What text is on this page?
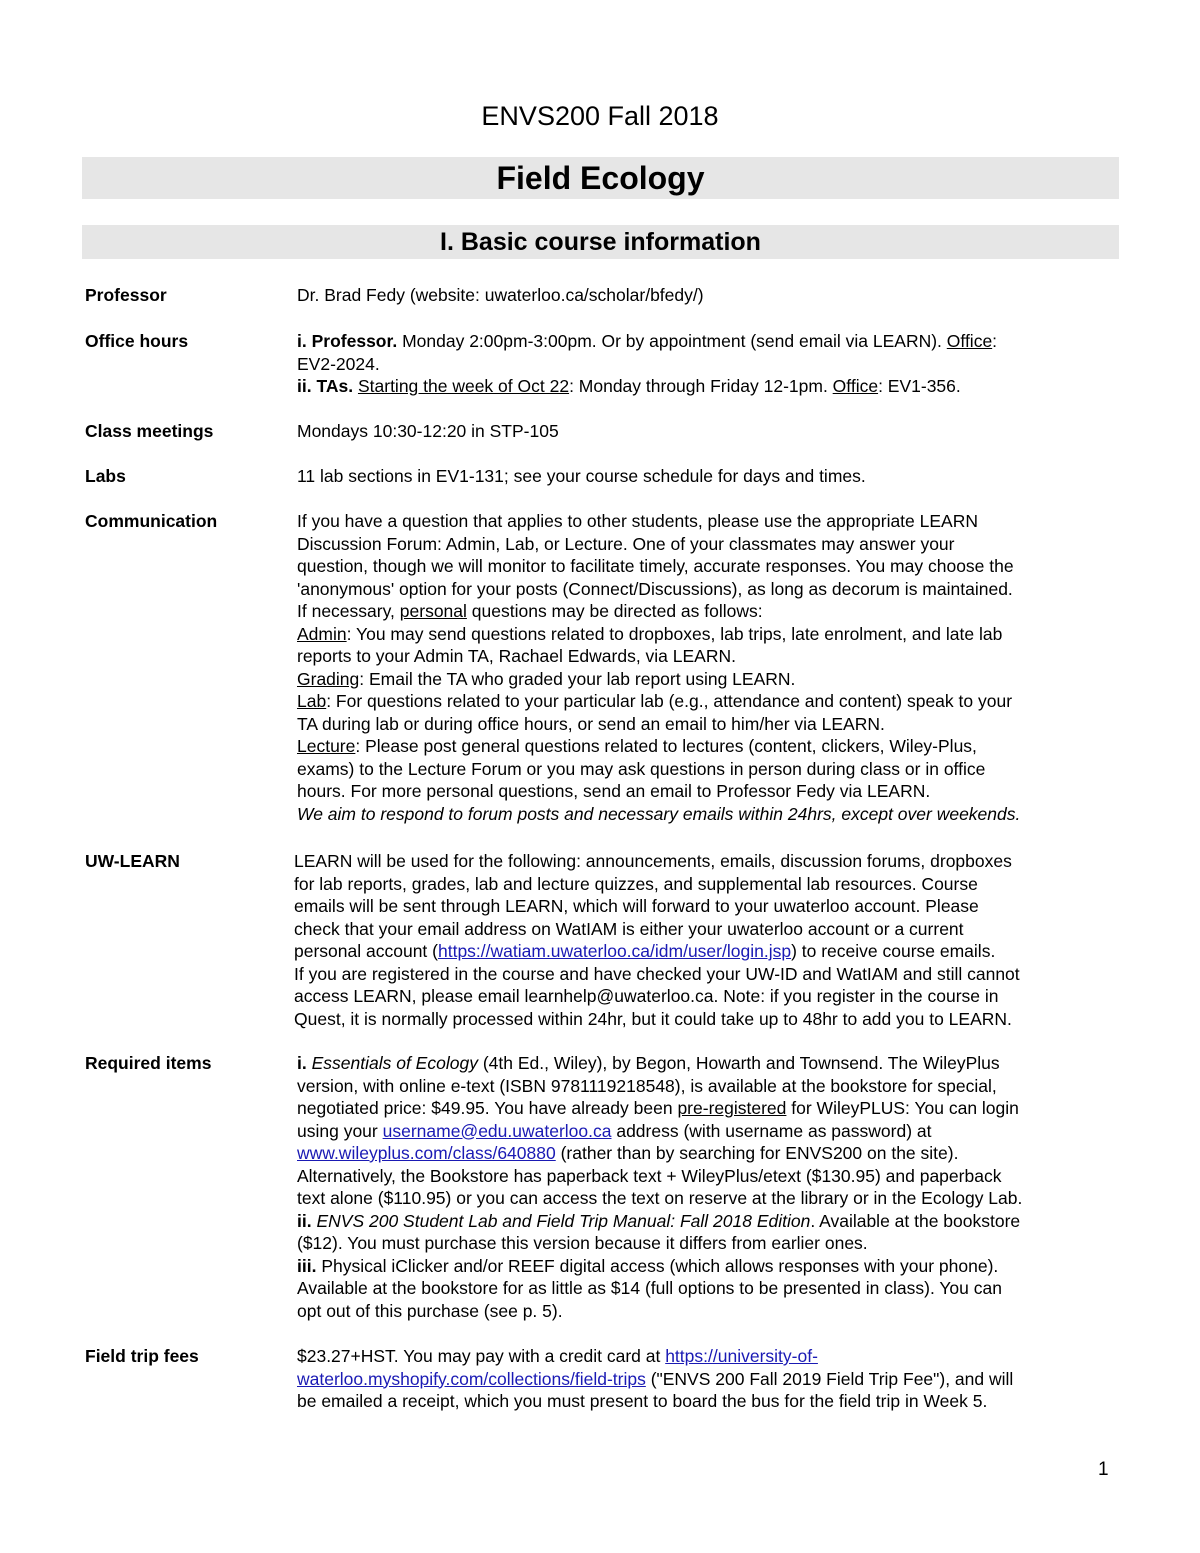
ENVS200 Fall 2018
Field Ecology
I. Basic course information
Professor	Dr. Brad Fedy (website: uwaterloo.ca/scholar/bfedy/)
Office hours	i. Professor. Monday 2:00pm-3:00pm. Or by appointment (send email via LEARN). Office:
EV2-2024.
ii. TAs. Starting the week of Oct 22: Monday through Friday 12-1pm. Office: EV1-356.
Class meetings	Mondays 10:30-12:20 in STP-105
Labs	11 lab sections in EV1-131; see your course schedule for days and times.
Communication	If you have a question that applies to other students, please use the appropriate LEARN
Discussion Forum: Admin, Lab, or Lecture. One of your classmates may answer your
question, though we will monitor to facilitate timely, accurate responses. You may choose the
'anonymous' option for your posts (Connect/Discussions), as long as decorum is maintained.
If necessary, personal questions may be directed as follows:
Admin: You may send questions related to dropboxes, lab trips, late enrolment, and late lab
reports to your Admin TA, Rachael Edwards, via LEARN.
Grading: Email the TA who graded your lab report using LEARN.
Lab: For questions related to your particular lab (e.g., attendance and content) speak to your
TA during lab or during office hours, or send an email to him/her via LEARN.
Lecture: Please post general questions related to lectures (content, clickers, Wiley-Plus,
exams) to the Lecture Forum or you may ask questions in person during class or in office
hours. For more personal questions, send an email to Professor Fedy via LEARN.
We aim to respond to forum posts and necessary emails within 24hrs, except over weekends.
UW-LEARN	LEARN will be used for the following: announcements, emails, discussion forums, dropboxes
for lab reports, grades, lab and lecture quizzes, and supplemental lab resources. Course
emails will be sent through LEARN, which will forward to your uwaterloo account. Please
check that your email address on WatIAM is either your uwaterloo account or a current
personal account (https://watiam.uwaterloo.ca/idm/user/login.jsp) to receive course emails.
If you are registered in the course and have checked your UW-ID and WatIAM and still cannot
access LEARN, please email learnhelp@uwaterloo.ca. Note: if you register in the course in
Quest, it is normally processed within 24hr, but it could take up to 48hr to add you to LEARN.
Required items	i. Essentials of Ecology (4th Ed., Wiley), by Begon, Howarth and Townsend. The WileyPlus
version, with online e-text (ISBN 9781119218548), is available at the bookstore for special,
negotiated price: $49.95. You have already been pre-registered for WileyPLUS: You can login
using your username@edu.uwaterloo.ca address (with username as password) at
www.wileyplus.com/class/640880 (rather than by searching for ENVS200 on the site).
Alternatively, the Bookstore has paperback text + WileyPlus/etext ($130.95) and paperback
text alone ($110.95) or you can access the text on reserve at the library or in the Ecology Lab.
ii. ENVS 200 Student Lab and Field Trip Manual: Fall 2018 Edition. Available at the bookstore
($12). You must purchase this version because it differs from earlier ones.
iii. Physical iClicker and/or REEF digital access (which allows responses with your phone).
Available at the bookstore for as little as $14 (full options to be presented in class). You can
opt out of this purchase (see p. 5).
Field trip fees	$23.27+HST. You may pay with a credit card at https://university-of-
waterloo.myshopify.com/collections/field-trips ("ENVS 200 Fall 2019 Field Trip Fee"), and will
be emailed a receipt, which you must present to board the bus for the field trip in Week 5.
1
